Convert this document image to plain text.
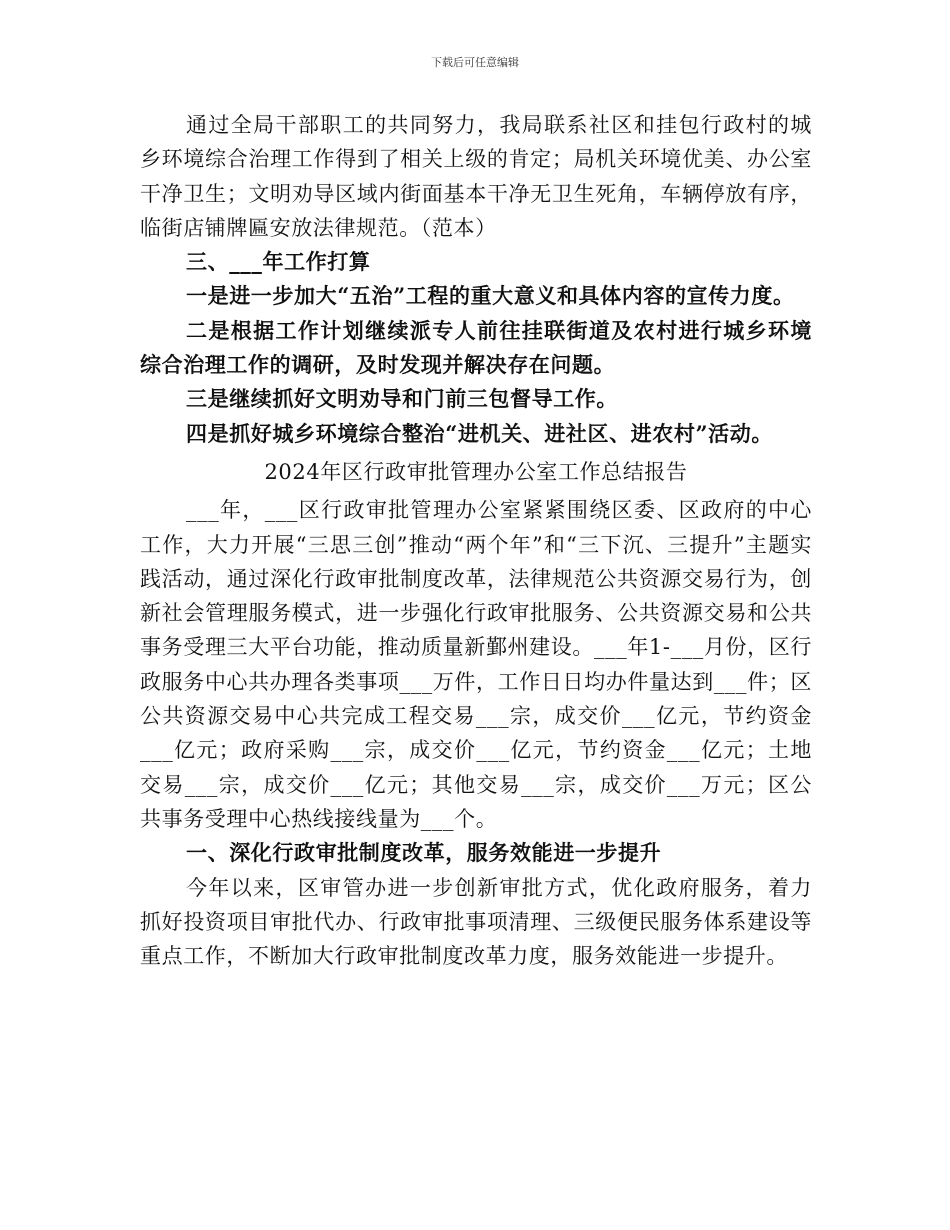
下载后可任意编辑

通过全局干部职工的共同努力，我局联系社区和挂包行政村的城乡环境综合治理工作得到了相关上级的肯定；局机关环境优美、办公室干净卫生；文明劝导区域内街面基本干净无卫生死角，车辆停放有序，临街店铺牌匾安放法律规范。（范本）

三、___年工作打算

一是进一步加大“五治”工程的重大意义和具体内容的宣传力度。

二是根据工作计划继续派专人前往挂联街道及农村进行城乡环境综合治理工作的调研，及时发现并解决存在问题。

三是继续抓好文明劝导和门前三包督导工作。

四是抓好城乡环境综合整治“进机关、进社区、进农村”活动。

2024年区行政审批管理办公室工作总结报告

___年，___区行政审批管理办公室紧紧围绕区委、区政府的中心工作，大力开展“三思三创”推动“两个年”和“三下沉、三提升”主题实践活动，通过深化行政审批制度改革，法律规范公共资源交易行为，创新社会管理服务模式，进一步强化行政审批服务、公共资源交易和公共事务受理三大平台功能，推动质量新鄞州建设。___年1-___月份，区行政服务中心共办理各类事项___万件，工作日日均办件量达到___件；区公共资源交易中心共完成工程交易___宗，成交价___亿元，节约资金___亿元；政府采购___宗，成交价___亿元，节约资金___亿元；土地交易___宗，成交价___亿元；其他交易___宗，成交价___万元；区公共事务受理中心热线接线量为___个。

一、深化行政审批制度改革，服务效能进一步提升

今年以来，区审管办进一步创新审批方式，优化政府服务，着力抓好投资项目审批代办、行政审批事项清理、三级便民服务体系建设等重点工作，不断加大行政审批制度改革力度，服务效能进一步提升。
